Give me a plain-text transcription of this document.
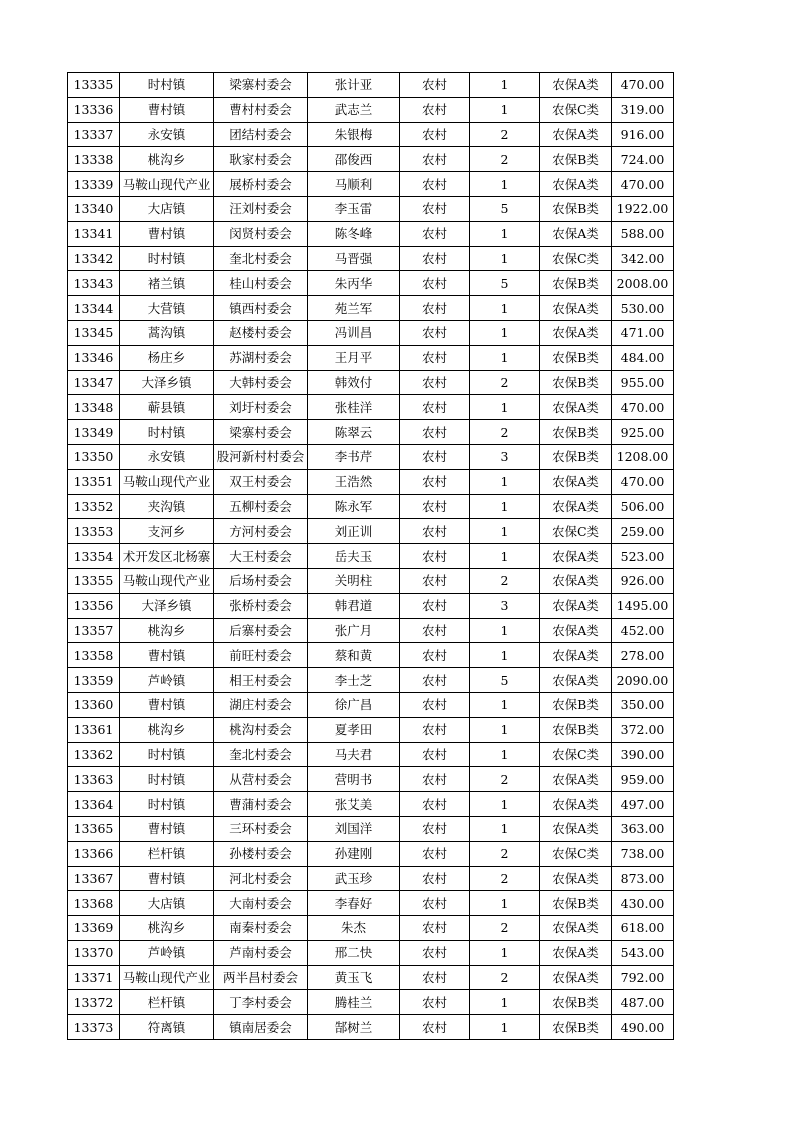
13335	时村镇	梁寨村委会	张计亚	农村	1	农保A类	470.00
13336	曹村镇	曹村村委会	武志兰	农村	1	农保C类	319.00
13337	永安镇	团结村委会	朱银梅	农村	2	农保A类	916.00
13338	桃沟乡	耿家村委会	邵俊西	农村	2	农保B类	724.00
13339	马鞍山现代产业	展桥村委会	马顺利	农村	1	农保A类	470.00
13340	大店镇	汪刘村委会	李玉雷	农村	5	农保B类	1922.00
13341	曹村镇	闵贤村委会	陈冬峰	农村	1	农保A类	588.00
13342	时村镇	奎北村委会	马晋强	农村	1	农保C类	342.00
13343	褚兰镇	桂山村委会	朱丙华	农村	5	农保B类	2008.00
13344	大营镇	镇西村委会	苑兰军	农村	1	农保A类	530.00
13345	蒿沟镇	赵楼村委会	冯训昌	农村	1	农保A类	471.00
13346	杨庄乡	苏湖村委会	王月平	农村	1	农保B类	484.00
13347	大泽乡镇	大韩村委会	韩效付	农村	2	农保B类	955.00
13348	蕲县镇	刘圩村委会	张桂洋	农村	1	农保A类	470.00
13349	时村镇	梁寨村委会	陈翠云	农村	2	农保B类	925.00
13350	永安镇	股河新村村委会	李书芹	农村	3	农保B类	1208.00
13351	马鞍山现代产业	双王村委会	王浩然	农村	1	农保A类	470.00
13352	夹沟镇	五柳村委会	陈永军	农村	1	农保A类	506.00
13353	支河乡	方河村委会	刘正训	农村	1	农保C类	259.00
13354	术开发区北杨寨	大王村委会	岳夫玉	农村	1	农保A类	523.00
13355	马鞍山现代产业	后场村委会	关明柱	农村	2	农保A类	926.00
13356	大泽乡镇	张桥村委会	韩君道	农村	3	农保A类	1495.00
13357	桃沟乡	后寨村委会	张广月	农村	1	农保A类	452.00
13358	曹村镇	前旺村委会	蔡和黄	农村	1	农保A类	278.00
13359	芦岭镇	相王村委会	李士芝	农村	5	农保A类	2090.00
13360	曹村镇	湖庄村委会	徐广昌	农村	1	农保B类	350.00
13361	桃沟乡	桃沟村委会	夏孝田	农村	1	农保B类	372.00
13362	时村镇	奎北村委会	马夫君	农村	1	农保C类	390.00
13363	时村镇	从营村委会	营明书	农村	2	农保A类	959.00
13364	时村镇	曹蒲村委会	张艾美	农村	1	农保A类	497.00
13365	曹村镇	三环村委会	刘国洋	农村	1	农保A类	363.00
13366	栏杆镇	孙楼村委会	孙建刚	农村	2	农保C类	738.00
13367	曹村镇	河北村委会	武玉珍	农村	2	农保A类	873.00
13368	大店镇	大南村委会	李春好	农村	1	农保B类	430.00
13369	桃沟乡	南秦村委会	朱杰	农村	2	农保A类	618.00
13370	芦岭镇	芦南村委会	邢二快	农村	1	农保A类	543.00
13371	马鞍山现代产业	两半昌村委会	黄玉飞	农村	2	农保A类	792.00
13372	栏杆镇	丁李村委会	腾桂兰	农村	1	农保B类	487.00
13373	符离镇	镇南居委会	郜树兰	农村	1	农保B类	490.00
